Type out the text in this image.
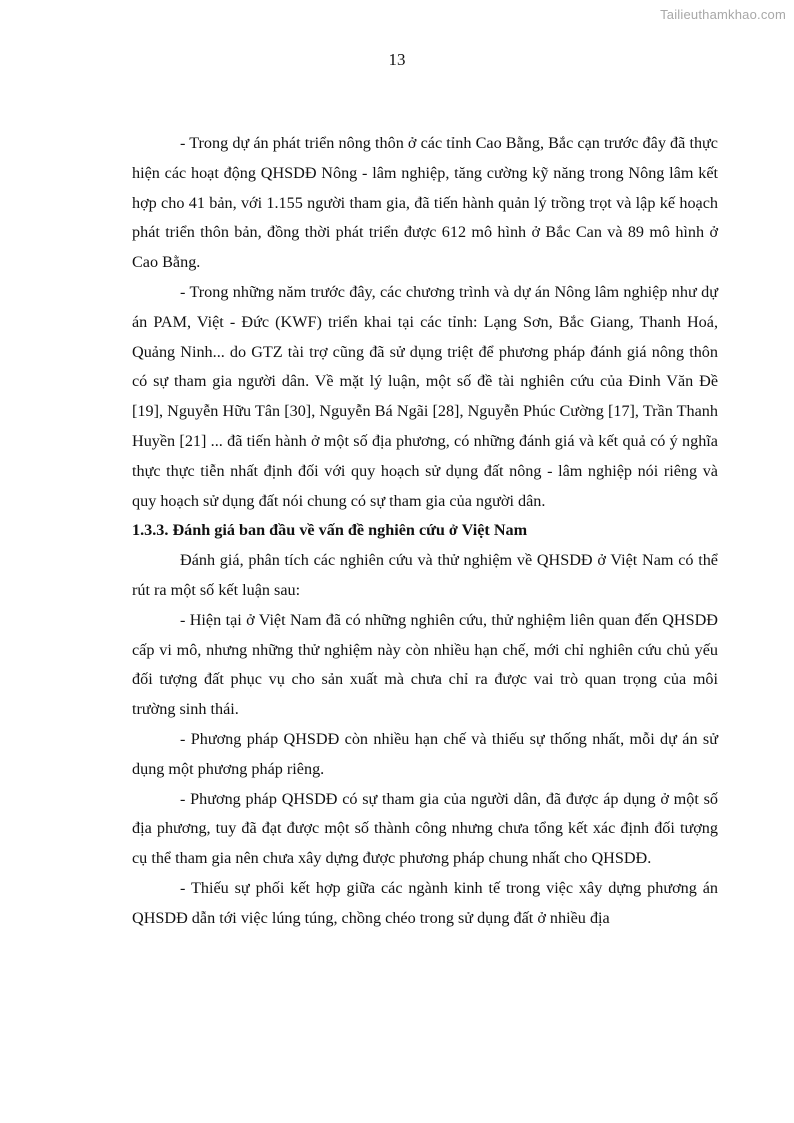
Tailieuthamkhao.com
13

- Trong dự án phát triển nông thôn ở các tỉnh Cao Bằng, Bắc cạn trước đây đã thực hiện các hoạt động QHSDĐ Nông - lâm nghiệp, tăng cường kỹ năng trong Nông lâm kết hợp cho 41 bản, với 1.155 người tham gia, đã tiến hành quản lý trồng trọt và lập kế hoạch phát triển thôn bản, đồng thời phát triển được 612 mô hình ở Bắc Can và 89 mô hình ở Cao Bằng.

- Trong những năm trước đây, các chương trình và dự án Nông lâm nghiệp như dự án PAM, Việt - Đức (KWF) triển khai tại các tỉnh: Lạng Sơn, Bắc Giang, Thanh Hoá, Quảng Ninh... do GTZ tài trợ cũng đã sử dụng triệt để phương pháp đánh giá nông thôn có sự tham gia người dân. Về mặt lý luận, một số đề tài nghiên cứu của Đinh Văn Đề [19], Nguyễn Hữu Tân [30], Nguyễn Bá Ngãi [28], Nguyễn Phúc Cường [17], Trần Thanh Huyền [21] ... đã tiến hành ở một số địa phương, có những đánh giá và kết quả có ý nghĩa thực thực tiễn nhất định đối với quy hoạch sử dụng đất nông - lâm nghiệp nói riêng và quy hoạch sử dụng đất nói chung có sự tham gia của người dân.

1.3.3. Đánh giá ban đầu về vấn đề nghiên cứu ở Việt Nam

Đánh giá, phân tích các nghiên cứu và thử nghiệm về QHSDĐ ở Việt Nam có thể rút ra một số kết luận sau:

- Hiện tại ở Việt Nam đã có những nghiên cứu, thử nghiệm liên quan đến QHSDĐ cấp vi mô, nhưng những thử nghiệm này còn nhiều hạn chế, mới chỉ nghiên cứu chủ yếu đối tượng đất phục vụ cho sản xuất mà chưa chỉ ra được vai trò quan trọng của môi trường sinh thái.

- Phương pháp QHSDĐ còn nhiều hạn chế và thiếu sự thống nhất, mỗi dự án sử dụng một phương pháp riêng.

- Phương pháp QHSDĐ có sự tham gia của người dân, đã được áp dụng ở một số địa phương, tuy đã đạt được một số thành công nhưng chưa tổng kết xác định đối tượng cụ thể tham gia nên chưa xây dựng được phương pháp chung nhất cho QHSDĐ.

- Thiếu sự phối kết hợp giữa các ngành kinh tế trong việc xây dựng phương án QHSDĐ dẫn tới việc lúng túng, chồng chéo trong sử dụng đất ở nhiều địa
